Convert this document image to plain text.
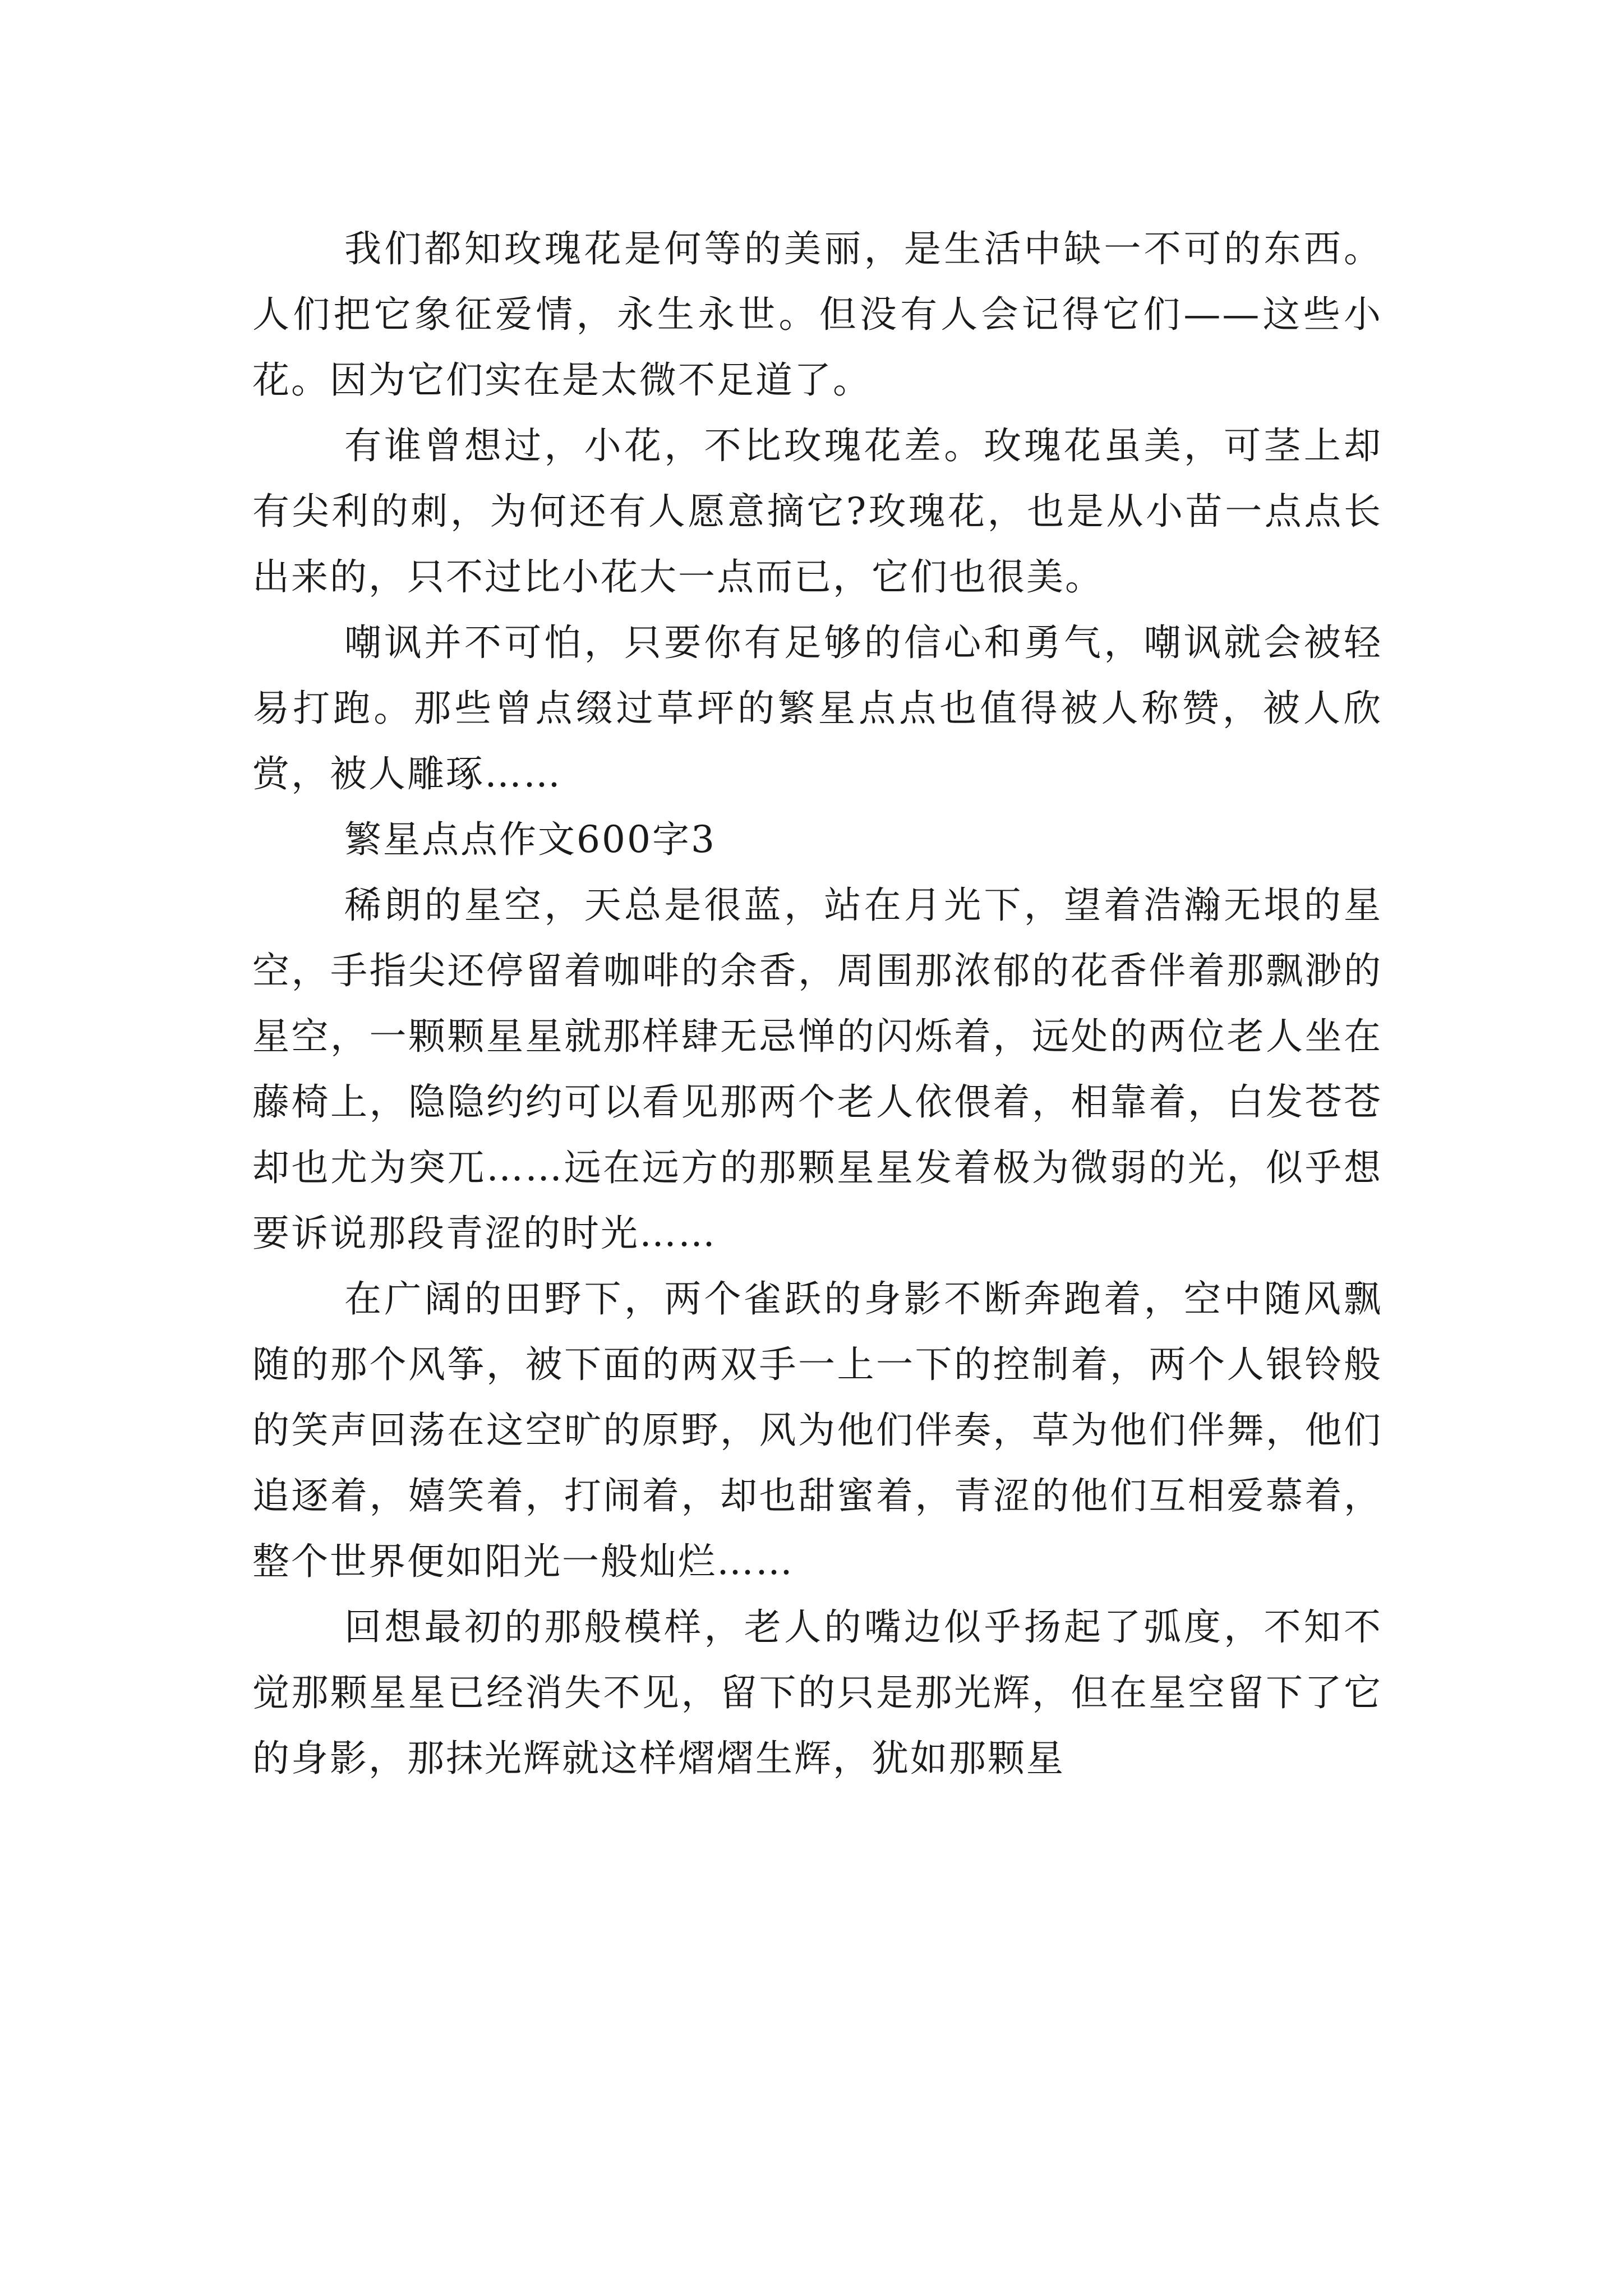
我们都知玫瑰花是何等的美丽，是生活中缺一不可的东西。人们把它象征爱情，永生永世。但没有人会记得它们——这些小花。因为它们实在是太微不足道了。

有谁曾想过，小花，不比玫瑰花差。玫瑰花虽美，可茎上却有尖利的刺，为何还有人愿意摘它?玫瑰花，也是从小苗一点点长出来的，只不过比小花大一点而已，它们也很美。

嘲讽并不可怕，只要你有足够的信心和勇气，嘲讽就会被轻易打跑。那些曾点缀过草坪的繁星点点也值得被人称赞，被人欣赏，被人雕琢……

繁星点点作文600字3

稀朗的星空，天总是很蓝，站在月光下，望着浩瀚无垠的星空，手指尖还停留着咖啡的余香，周围那浓郁的花香伴着那飘渺的星空，一颗颗星星就那样肆无忌惮的闪烁着，远处的两位老人坐在藤椅上，隐隐约约可以看见那两个老人依偎着，相靠着，白发苍苍却也尤为突兀……远在远方的那颗星星发着极为微弱的光，似乎想要诉说那段青涩的时光……

在广阔的田野下，两个雀跃的身影不断奔跑着，空中随风飘随的那个风筝，被下面的两双手一上一下的控制着，两个人银铃般的笑声回荡在这空旷的原野，风为他们伴奏，草为他们伴舞，他们追逐着，嬉笑着，打闹着，却也甜蜜着，青涩的他们互相爱慕着，整个世界便如阳光一般灿烂……

回想最初的那般模样，老人的嘴边似乎扬起了弧度，不知不觉那颗星星已经消失不见，留下的只是那光辉，但在星空留下了它的身影，那抹光辉就这样熠熠生辉，犹如那颗星
